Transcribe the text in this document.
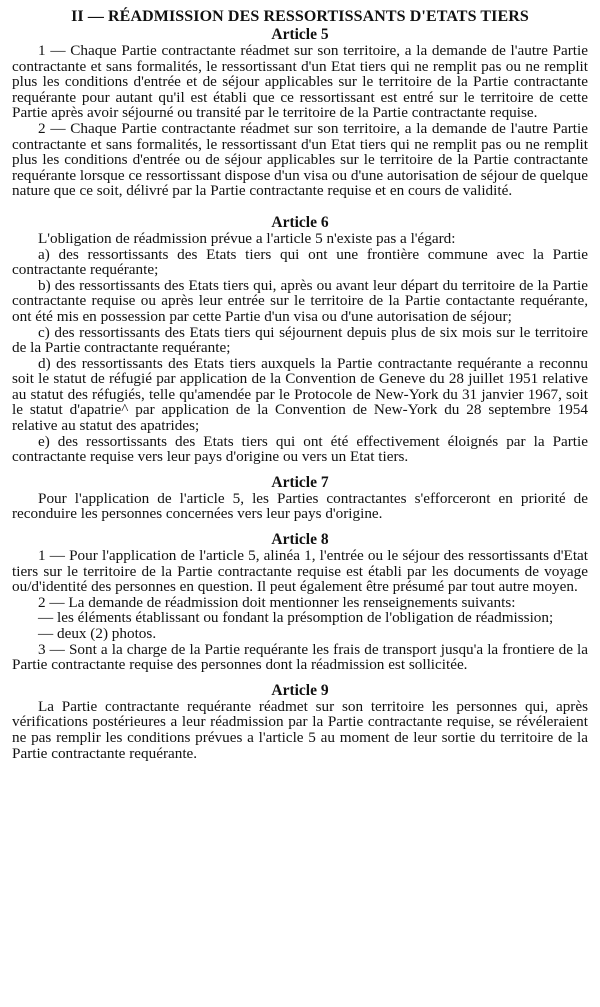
II — RÉADMISSION DES RESSORTISSANTS D'ETATS TIERS
Article 5

1 — Chaque Partie contractante réadmet sur son territoire, a la demande de l'autre Partie contractante et sans formalités, le ressortissant d'un Etat tiers qui ne remplit pas ou ne remplit plus les conditions d'entrée et de séjour applicables sur le territoire de la Partie contractante requérante pour autant qu'il est établi que ce ressortissant est entré sur le territoire de cette Partie après avoir séjourné ou transité par le territoire de la Partie contractante requise.

2 — Chaque Partie contractante réadmet sur son territoire, a la demande de l'autre Partie contractante et sans formalités, le ressortissant d'un Etat tiers qui ne remplit pas ou ne remplit plus les conditions d'entrée ou de séjour applicables sur le territoire de la Partie contractante requérante lorsque ce ressortissant dispose d'un visa ou d'une autorisation de séjour de quelque nature que ce soit, délivré par la Partie contractante requise et en cours de validité.

Article 6

L'obligation de réadmission prévue a l'article 5 n'existe pas a l'égard:

a) des ressortissants des Etats tiers qui ont une frontière commune avec la Partie contractante requérante;

b) des ressortissants des Etats tiers qui, après ou avant leur départ du territoire de la Partie contractante requise ou après leur entrée sur le territoire de la Partie contactante requérante, ont été mis en possession par cette Partie d'un visa ou d'une autorisation de séjour;

c) des ressortissants des Etats tiers qui séjournent depuis plus de six mois sur le territoire de la Partie contractante requérante;

d) des ressortissants des Etats tiers auxquels la Partie contractante requérante a reconnu soit le statut de réfugié par application de la Convention de Geneve du 28 juillet 1951 relative au statut des réfugiés, telle qu'amendée par le Protocole de New-York du 31 janvier 1967, soit le statut d'apatrie^ par application de la Convention de New-York du 28 septembre 1954 relative au statut des apatrides;

e) des ressortissants des Etats tiers qui ont été effectivement éloignés par la Partie contractante requise vers leur pays d'origine ou vers un Etat tiers.

Article 7

Pour l'application de l'article 5, les Parties contractantes s'efforceront en priorité de reconduire les personnes concernées vers leur pays d'origine.

Article 8

1 — Pour l'application de l'article 5, alinéa 1, l'entrée ou le séjour des ressortissants d'Etat tiers sur le territoire de la Partie contractante requise est établi par les documents de voyage ou/d'identité des personnes en question. Il peut également être présumé par tout autre moyen.

2 — La demande de réadmission doit mentionner les renseignements suivants:

— les éléments établissant ou fondant la présomption de l'obligation de réadmission;

— deux (2) photos.

3 — Sont a la charge de la Partie requérante les frais de transport jusqu'a la frontiere de la Partie contractante requise des personnes dont la réadmission est sollicitée.

Article 9

La Partie contractante requérante réadmet sur son territoire les personnes qui, après vérifications postérieures a leur réadmission par la Partie contractante requise, se révéleraient ne pas remplir les conditions prévues a l'article 5 au moment de leur sortie du territoire de la Partie contractante requérante.
